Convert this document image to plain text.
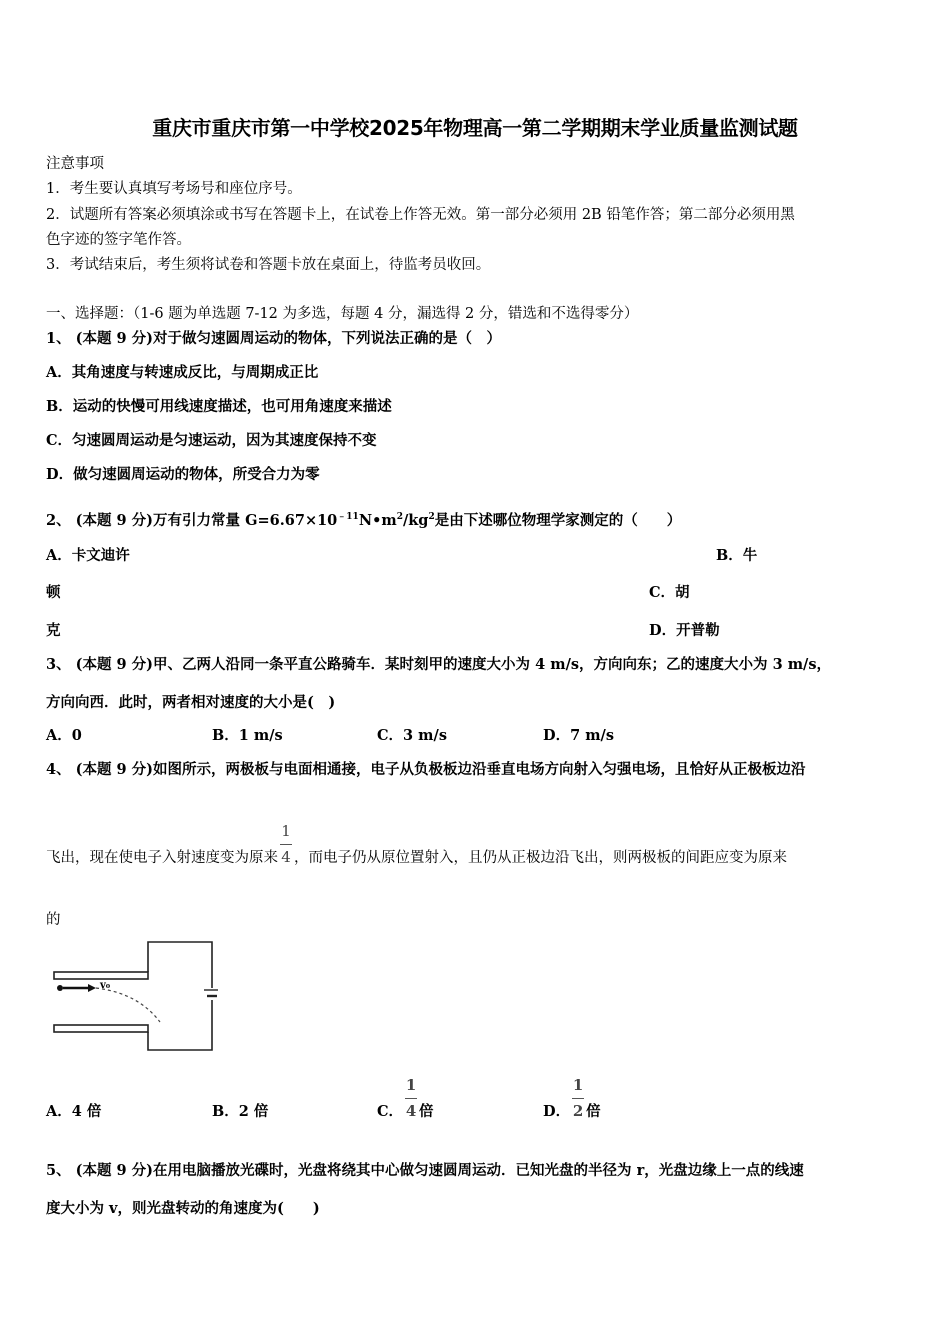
重庆市重庆市第一中学校2025年物理高一第二学期期末学业质量监测试题
注意事项
1．考生要认真填写考场号和座位序号。
2．试题所有答案必须填涂或书写在答题卡上，在试卷上作答无效。第一部分必须用 2B 铅笔作答；第二部分必须用黑
色字迹的签字笔作答。
3．考试结束后，考生须将试卷和答题卡放在桌面上，待监考员收回。
一、选择题：（1-6 题为单选题 7-12 为多选，每题 4 分，漏选得 2 分，错选和不选得零分）
1、 (本题 9 分)对于做匀速圆周运动的物体，下列说法正确的是（　）
A．其角速度与转速成反比，与周期成正比
B．运动的快慢可用线速度描述，也可用角速度来描述
C．匀速圆周运动是匀速运动，因为其速度保持不变
D．做匀速圆周运动的物体，所受合力为零
2、 (本题 9 分)万有引力常量 $G=6.67\times 10^{﹣11}N•m^2/kg^2$是由下述哪位物理学家测定的（　　）
A．卡文迪许	B．牛
顿	C．胡
克	D．开普勒
3、 (本题 9 分)甲、乙两人沿同一条平直公路骑车．某时刻甲的速度大小为 4 m/s，方向向东；乙的速度大小为 3 m/s，
方向向西．此时，两者相对速度的大小是(　)
A．0	B．1 m/s	C．3 m/s	D．7 m/s
4、 (本题 9 分)如图所示，两极板与电面相通接，电子从负极板边沿垂直电场方向射入匀强电场，且恰好从正极板边沿
飞出，现在使电子入射速度变为原来 $\frac{1}{4}$ ，而电子仍从原位置射入，且仍从正极边沿飞出，则两极板的间距应变为原来
的
v₀
A．4 倍	B．2 倍	C． $\frac{1}{4}$ 倍	D． $\frac{1}{2}$ 倍
5、 (本题 9 分)在用电脑播放光碟时，光盘将绕其中心做匀速圆周运动．已知光盘的半径为 r，光盘边缘上一点的线速
度大小为 v，则光盘转动的角速度为(　　)
